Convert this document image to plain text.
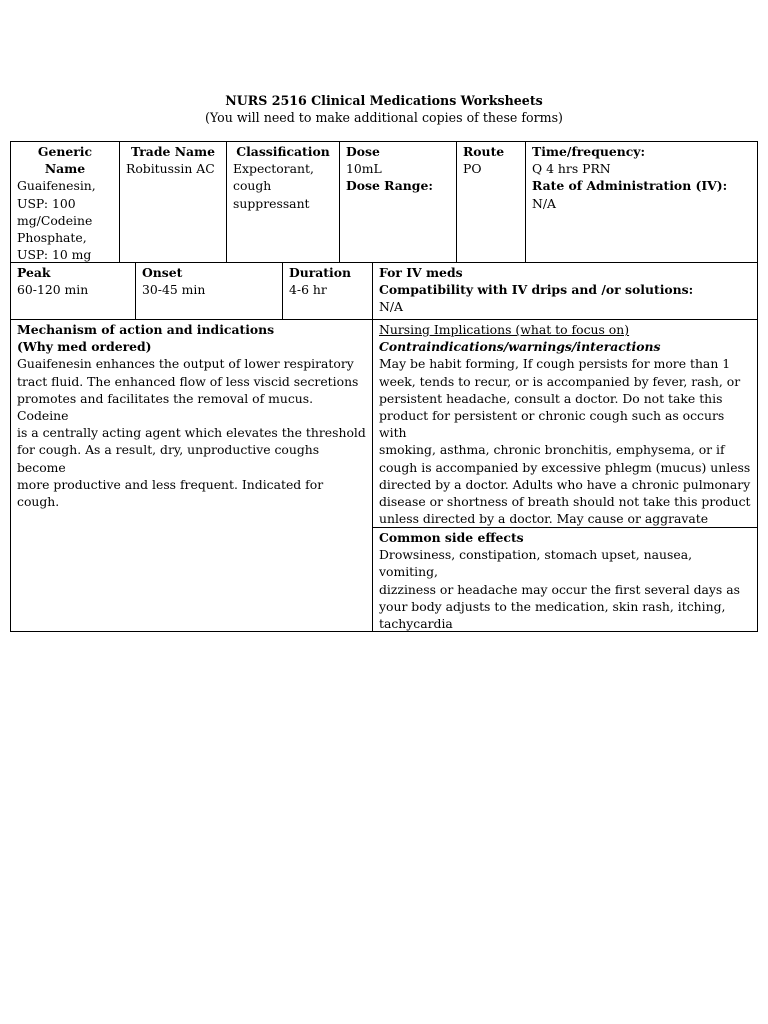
NURS 2516 Clinical Medications Worksheets
(You will need to make additional copies of these forms)
Generic Name
Guaifenesin,
USP: 100
mg/Codeine
Phosphate,
USP: 10 mg
Trade Name
Robitussin AC
Classification
Expectorant,
cough
suppressant
Dose
10mL
Dose Range:
Route
PO
Time/frequency:
Q 4 hrs PRN
Rate of Administration (IV):
N/A
Peak
60-120 min
Onset
30-45 min
Duration
4-6 hr
For IV meds
Compatibility with IV drips and /or solutions:
N/A
Mechanism of action and indications
(Why med ordered)
Guaifenesin enhances the output of lower respiratory
tract fluid. The enhanced flow of less viscid secretions
promotes and facilitates the removal of mucus. Codeine
is a centrally acting agent which elevates the threshold
for cough. As a result, dry, unproductive coughs become
more productive and less frequent. Indicated for cough.
Nursing Implications (what to focus on)
Contraindications/warnings/interactions
May be habit forming, If cough persists for more than 1
week, tends to recur, or is accompanied by fever, rash, or
persistent headache, consult a doctor. Do not take this
product for persistent or chronic cough such as occurs with
smoking, asthma, chronic bronchitis, emphysema, or if
cough is accompanied by excessive phlegm (mucus) unless
directed by a doctor. Adults who have a chronic pulmonary
disease or shortness of breath should not take this product
unless directed by a doctor. May cause or aggravate
Common side effects
Drowsiness, constipation, stomach upset, nausea, vomiting,
dizziness or headache may occur the first several days as
your body adjusts to the medication, skin rash, itching,
tachycardia
